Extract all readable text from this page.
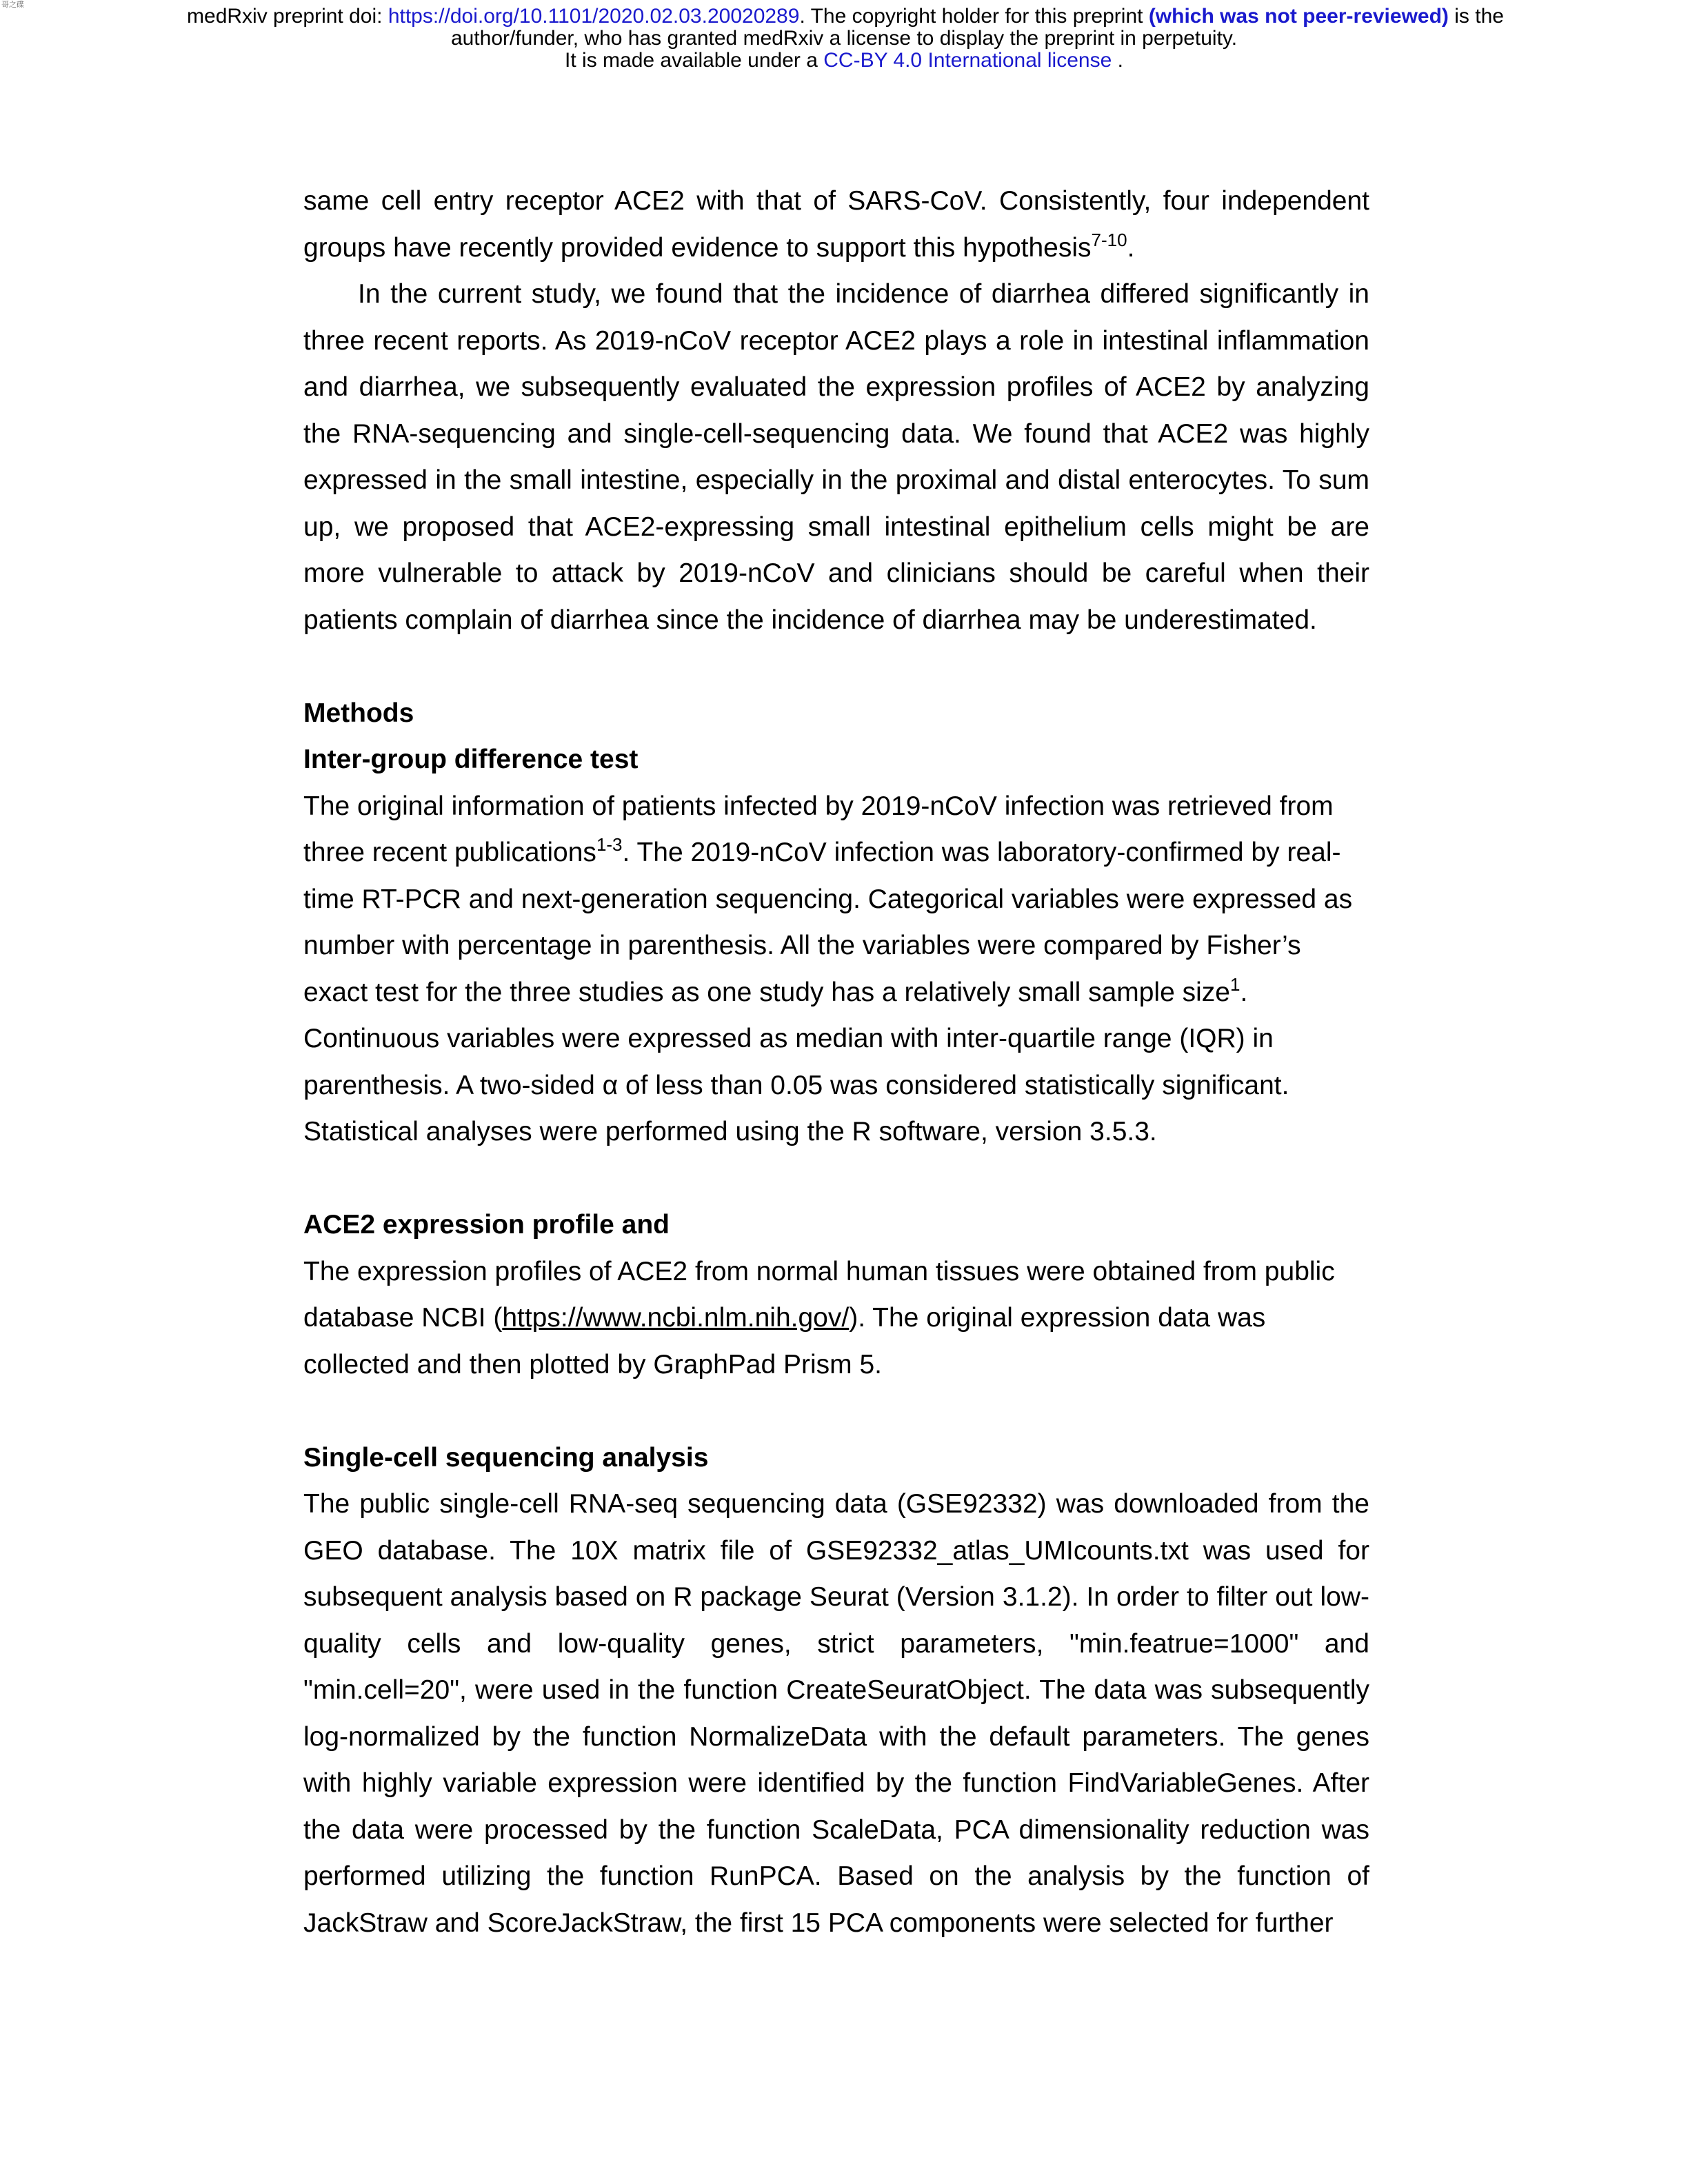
哥之碟	medRxiv preprint doi: https://doi.org/10.1101/2020.02.03.20020289. The copyright holder for this preprint (which was not peer-reviewed) is the
author/funder, who has granted medRxiv a license to display the preprint in perpetuity.
It is made available under a CC-BY 4.0 International license .

same cell entry receptor ACE2 with that of SARS-CoV. Consistently, four independent groups have recently provided evidence to support this hypothesis$^{7-10}$.

In the current study, we found that the incidence of diarrhea differed significantly in three recent reports. As 2019-nCoV receptor ACE2 plays a role in intestinal inflammation and diarrhea, we subsequently evaluated the expression profiles of ACE2 by analyzing the RNA-sequencing and single-cell-sequencing data. We found that ACE2 was highly expressed in the small intestine, especially in the proximal and distal enterocytes. To sum up, we proposed that ACE2-expressing small intestinal epithelium cells might be are more vulnerable to attack by 2019-nCoV and clinicians should be careful when their patients complain of diarrhea since the incidence of diarrhea may be underestimated.

Methods
Inter-group difference test

The original information of patients infected by 2019-nCoV infection was retrieved from three recent publications$^{1-3}$. The 2019-nCoV infection was laboratory-confirmed by real-time RT-PCR and next-generation sequencing. Categorical variables were expressed as number with percentage in parenthesis. All the variables were compared by Fisher’s exact test for the three studies as one study has a relatively small sample size$^1$. Continuous variables were expressed as median with inter-quartile range (IQR) in parenthesis. A two-sided α of less than 0.05 was considered statistically significant. Statistical analyses were performed using the R software, version 3.5.3.

ACE2 expression profile and

The expression profiles of ACE2 from normal human tissues were obtained from public database NCBI (https://www.ncbi.nlm.nih.gov/). The original expression data was collected and then plotted by GraphPad Prism 5.

Single-cell sequencing analysis

The public single-cell RNA-seq sequencing data (GSE92332) was downloaded from the GEO database. The 10X matrix file of GSE92332_atlas_UMIcounts.txt was used for subsequent analysis based on R package Seurat (Version 3.1.2). In order to filter out low-quality cells and low-quality genes, strict parameters, "min.featrue=1000" and "min.cell=20", were used in the function CreateSeuratObject. The data was subsequently log-normalized by the function NormalizeData with the default parameters. The genes with highly variable expression were identified by the function FindVariableGenes. After the data were processed by the function ScaleData, PCA dimensionality reduction was performed utilizing the function RunPCA. Based on the analysis by the function of JackStraw and ScoreJackStraw, the first 15 PCA components were selected for further
